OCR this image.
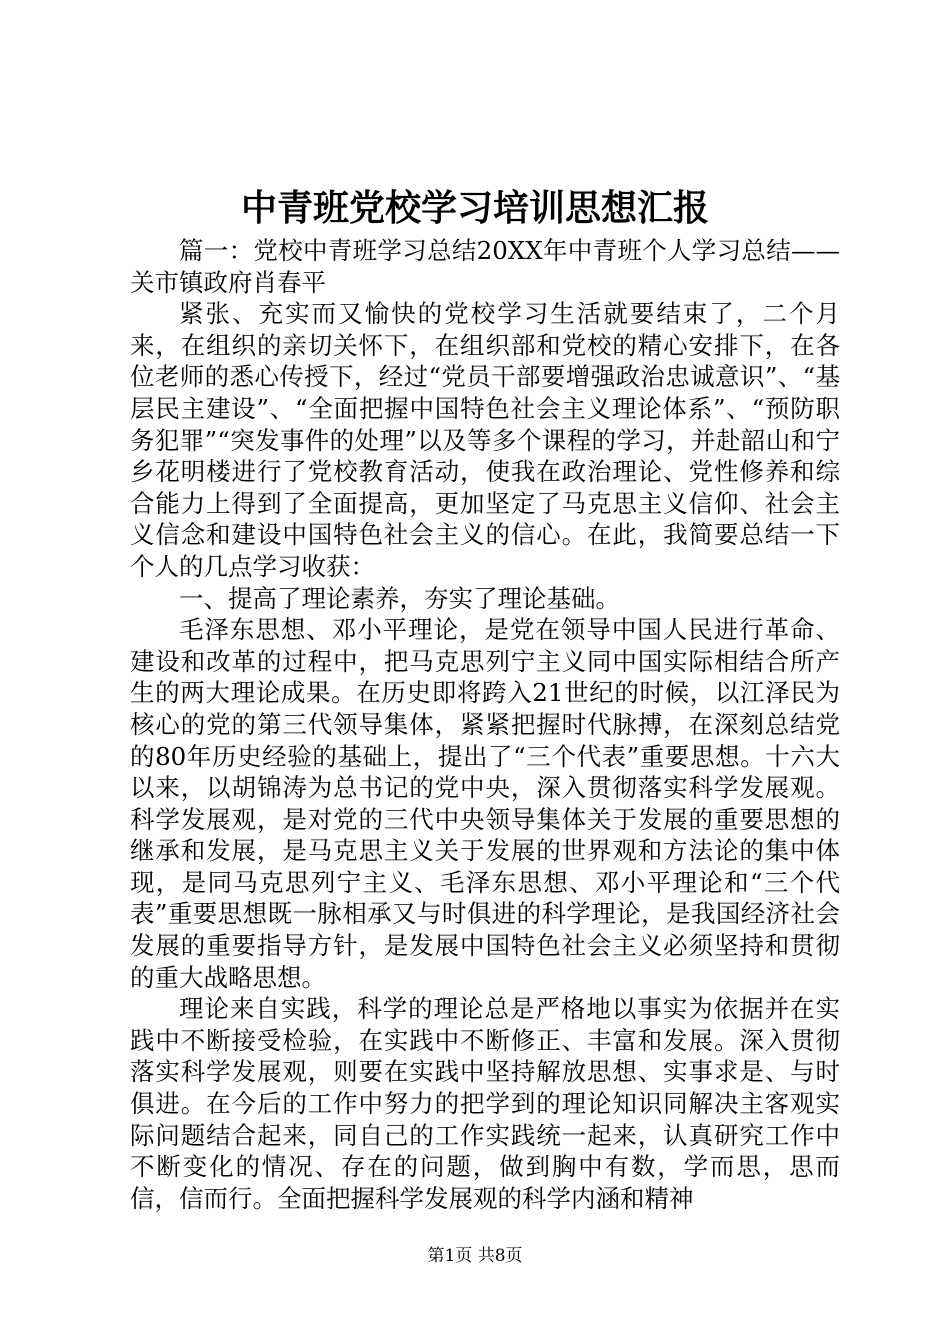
中青班党校学习培训思想汇报

篇一：党校中青班学习总结20XX年中青班个人学习总结——关市镇政府肖春平

紧张、充实而又愉快的党校学习生活就要结束了，二个月来，在组织的亲切关怀下，在组织部和党校的精心安排下，在各位老师的悉心传授下，经过“党员干部要增强政治忠诚意识”、“基层民主建设”、“全面把握中国特色社会主义理论体系”、“预防职务犯罪”“突发事件的处理”以及等多个课程的学习，并赴韶山和宁乡花明楼进行了党校教育活动，使我在政治理论、党性修养和综合能力上得到了全面提高，更加坚定了马克思主义信仰、社会主义信念和建设中国特色社会主义的信心。在此，我简要总结一下个人的几点学习收获：

一、提高了理论素养，夯实了理论基础。

毛泽东思想、邓小平理论，是党在领导中国人民进行革命、建设和改革的过程中，把马克思列宁主义同中国实际相结合所产生的两大理论成果。在历史即将跨入21世纪的时候，以江泽民为核心的党的第三代领导集体，紧紧把握时代脉搏，在深刻总结党的80年历史经验的基础上，提出了“三个代表”重要思想。十六大以来，以胡锦涛为总书记的党中央，深入贯彻落实科学发展观。科学发展观，是对党的三代中央领导集体关于发展的重要思想的继承和发展，是马克思主义关于发展的世界观和方法论的集中体现，是同马克思列宁主义、毛泽东思想、邓小平理论和“三个代表”重要思想既一脉相承又与时俱进的科学理论，是我国经济社会发展的重要指导方针，是发展中国特色社会主义必须坚持和贯彻的重大战略思想。

理论来自实践，科学的理论总是严格地以事实为依据并在实践中不断接受检验，在实践中不断修正、丰富和发展。深入贯彻落实科学发展观，则要在实践中坚持解放思想、实事求是、与时俱进。在今后的工作中努力的把学到的理论知识同解决主客观实际问题结合起来，同自己的工作实践统一起来，认真研究工作中不断变化的情况、存在的问题，做到胸中有数，学而思，思而信，信而行。全面把握科学发展观的科学内涵和精神

第1页 共8页
